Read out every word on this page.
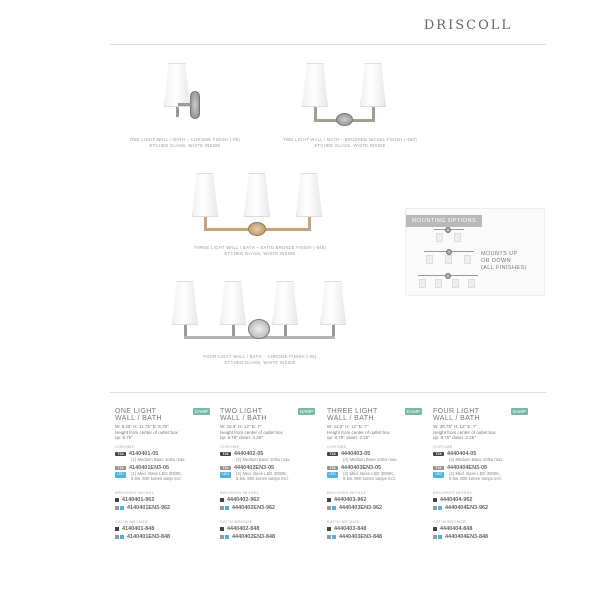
DRISCOLL
ONE LIGHT WALL / BATH – CHROME FINISH (-05)
ETCHED GLASS, WHITE INSIDE
TWO LIGHT WALL / BATH – BRUSHED NICKEL FINISH (-962)
ETCHED GLASS, WHITE INSIDE
THREE LIGHT WALL / BATH – SATIN BRONZE FINISH (-848)
ETCHED GLASS, WHITE INSIDE
FOUR LIGHT WALL / BATH – CHROME FINISH (-05)
ETCHED GLASS, WHITE INSIDE
MOUNTING OPTIONS
MOUNTS UP
OR DOWN
(ALL FINISHES)
ONE LIGHT
WALL / BATH
DAMP
W: 5.25" H: 11.75" E: 6.75"
Height from center of outlet box
up: 8.75"
CHROME
T24 4140401-05
(1) Medium Base 100w max.
T24 4140401EN3-05
LED	(1) Med. Base LED 3000K,
9.5w, 800 lumen lamp incl.
BRUSHED NICKEL
4140401-962
4140401EN3-962
SATIN BRONZE
4140401-848
4140401EN3-848
TWO LIGHT
WALL / BATH
DAMP
W: 15.5" H: 12" E: 7"
Height from center of outlet box
up: 8.75" down: 3.25"
CHROME
T24 4440402-05
(2) Medium Base 100w max.
T24 4440402EN3-05
LED	(2) Med. Base LED 3000K,
9.5w, 800 lumen lamps incl.
BRUSHED NICKEL
4440402-962
4440402EN3-962
SATIN BRONZE
4440402-848
4440402EN3-848
THREE LIGHT
WALL / BATH
DAMP
W: 24.5" H: 12" E: 7"
Height from center of outlet box
up: 8.75" down: 3.25"
CHROME
T24 4440403-05
(3) Medium Base 100w max.
T24 4440403EN3-05
LED	(3) Med. Base LED 3000K,
9.5w, 800 lumen lamps incl.
BRUSHED NICKEL
4440403-962
4440403EN3-962
SATIN BRONZE
4440403-848
4440403EN3-848
FOUR LIGHT
WALL / BATH
DAMP
W: 30.75" H: 12" E: 7"
Height from center of outlet box
up: 8.75" down: 3.25"
CHROME
T24 4440404-05
(4) Medium Base 100w max.
T24 4440404EN3-05
LED	(4) Med. Base LED 3000K,
9.5w, 800 lumen lamps incl.
BRUSHED NICKEL
4440404-962
4440404EN3-962
SATIN BRONZE
4440404-848
4440404EN3-848
